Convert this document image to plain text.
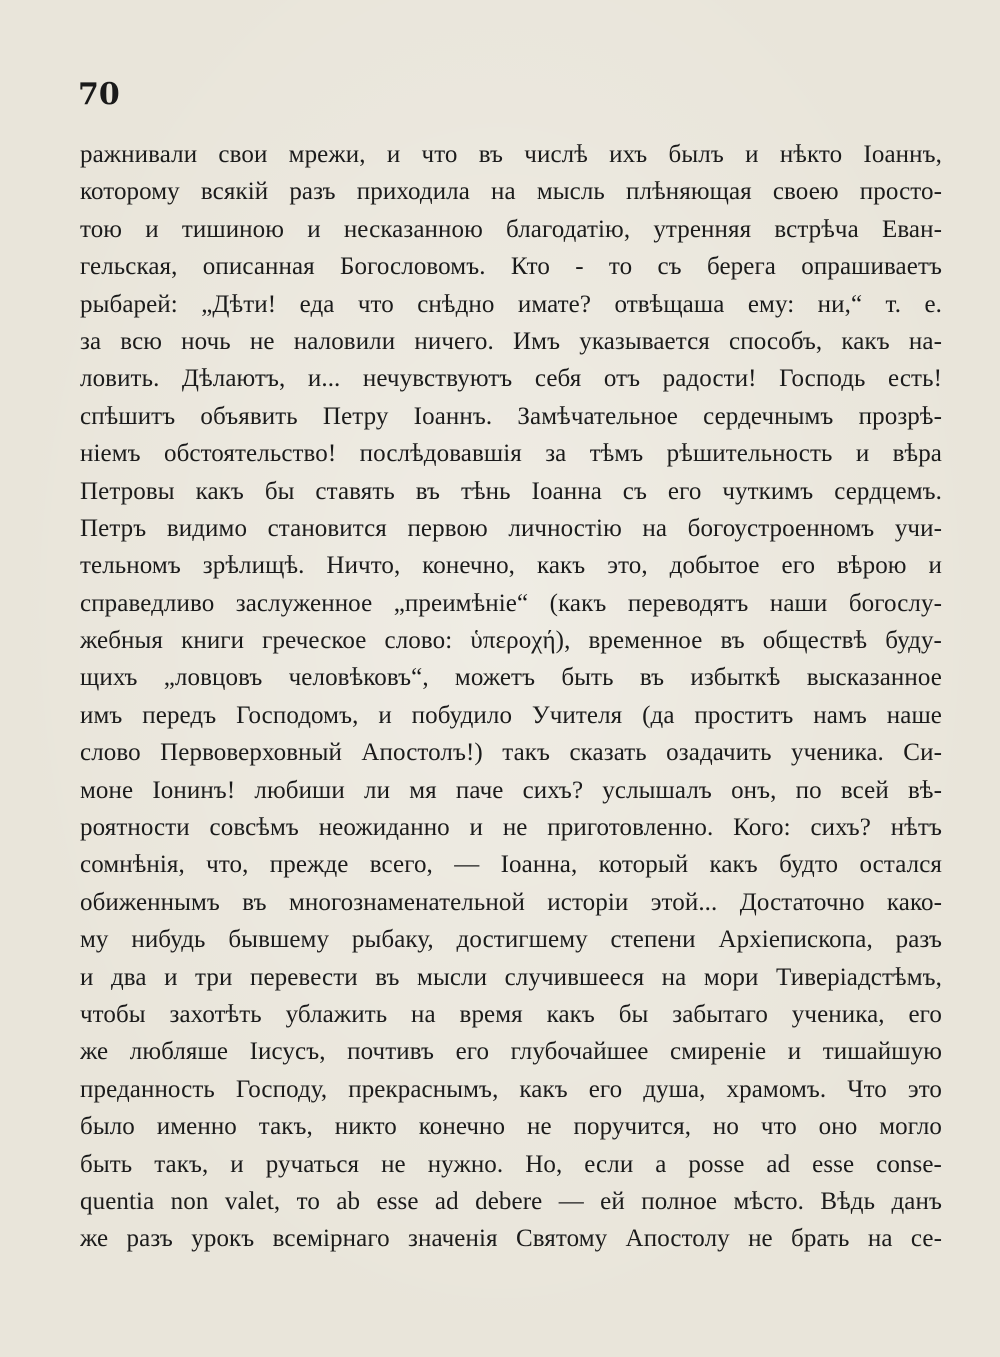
70

ражнивали свои мрежи, и что въ числѣ ихъ былъ и нѣкто Іоаннъ,
которому всякій разъ приходила на мысль плѣняющая своею просто-
тою и тишиною и несказанною благодатію, утренняя встрѣча Еван-
гельская, описанная Богословомъ. Кто - то съ берега опрашиваетъ
рыбарей: „Дѣти! еда что снѣдно имате? отвѣщаша ему: ни,“ т. е.
за всю ночь не наловили ничего. Имъ указывается способъ, какъ на-
ловить. Дѣлаютъ, и... нечувствуютъ себя отъ радости! Господь есть!
спѣшитъ объявить Петру Іоаннъ. Замѣчательное сердечнымъ прозрѣ-
ніемъ обстоятельство! послѣдовавшія за тѣмъ рѣшительность и вѣра
Петровы какъ бы ставять въ тѣнь Іоанна съ его чуткимъ сердцемъ.
Петръ видимо становится первою личностію на богоустроенномъ учи-
тельномъ зрѣлищѣ. Ничто, конечно, какъ это, добытое его вѣрою и
справедливо заслуженное „преимѣніе“ (какъ переводятъ наши богослу-
жебныя книги греческое слово: ὑπεροχή), временное въ обществѣ буду-
щихъ „ловцовъ человѣковъ“, можетъ быть въ избыткѣ высказанное
имъ передъ Господомъ, и побудило Учителя (да проститъ намъ наше
слово Первоверховный Апостолъ!) такъ сказать озадачить ученика. Си-
моне Іонинъ! любиши ли мя паче сихъ? услышалъ онъ, по всей вѣ-
роятности совсѣмъ неожиданно и не приготовленно. Кого: сихъ? нѣтъ
сомнѣнія, что, прежде всего, — Іоанна, который какъ будто остался
обиженнымъ въ многознаменательной исторіи этой... Достаточно како-
му нибудь бывшему рыбаку, достигшему степени Архіепископа, разъ
и два и три перевести въ мысли случившееся на мори Тиверіадстѣмъ,
чтобы захотѣть ублажить на время какъ бы забытаго ученика, его
же любляше Іисусъ, почтивъ его глубочайшее смиреніе и тишайшую
преданность Господу, прекраснымъ, какъ его душа, храмомъ. Что это
было именно такъ, никто конечно не поручится, но что оно могло
быть такъ, и ручаться не нужно. Но, если а posse ad esse conse-
quentia non valet, то ab esse ad debere — ей полное мѣсто. Вѣдь данъ
же разъ урокъ всемірнаго значенія Святому Апостолу не брать на се-
